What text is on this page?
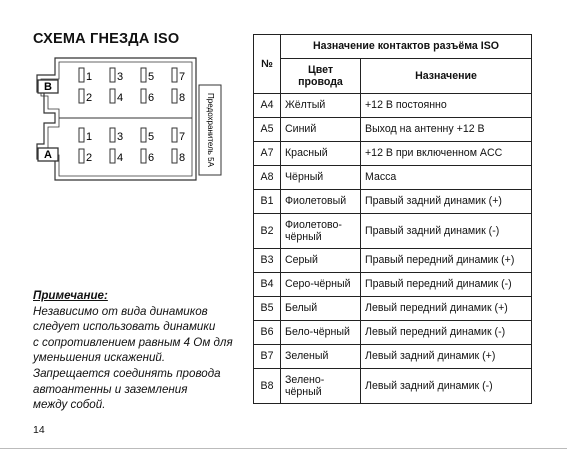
СХЕМА ГНЕЗДА ISO
Предохранитель 5А
B
A
1 3 5 7
2 4 6 8
1 3 5 7
2 4 6 8
Примечание:
Независимо от вида динамиков
следует использовать динамики
с сопротивлением равным 4 Ом для
уменьшения искажений.
Запрещается соединять провода
автоантенны и заземления
между собой.
14
№	Назначение контактов разъёма ISO	
	Цвет провода	Назначение
A4	Жёлтый	+12 В постоянно
A5	Синий	Выход на антенну +12 В
A7	Красный	+12 В при включенном ACC
A8	Чёрный	Масса
B1	Фиолетовый	Правый задний динамик (+)
B2	Фиолетово-чёрный	Правый задний динамик (-)
B3	Серый	Правый передний динамик (+)
B4	Серо-чёрный	Правый передний динамик (-)
B5	Белый	Левый передний динамик (+)
B6	Бело-чёрный	Левый передний динамик (-)
B7	Зеленый	Левый задний динамик (+)
B8	Зелено-чёрный	Левый задний динамик (-)
